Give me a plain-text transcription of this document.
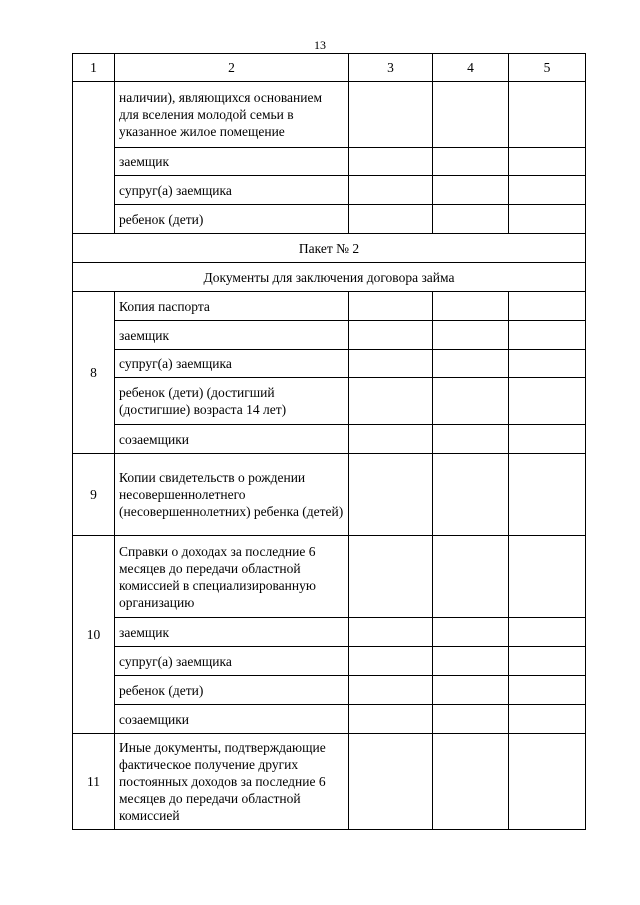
13
1	2	3	4	5
	наличии), являющихся основанием для вселения молодой семьи в указанное жилое помещение			
	заемщик			
	супруг(а) заемщика			
	ребенок (дети)			
Пакет № 2				
Документы для заключения договора займа				
8	Копия паспорта			
	заемщик			
	супруг(а) заемщика			
	ребенок (дети) (достигший (достигшие) возраста 14 лет)			
	созаемщики			
9	Копии свидетельств о рождении несовершеннолетнего (несовершеннолетних) ребенка (детей)			
10	Справки о доходах за последние 6 месяцев до передачи областной комиссией в специализированную организацию			
	заемщик			
	супруг(а) заемщика			
	ребенок (дети)			
	созаемщики			
11	Иные документы, подтверждающие фактическое получение других постоянных доходов за последние 6 месяцев до передачи областной комиссией			
